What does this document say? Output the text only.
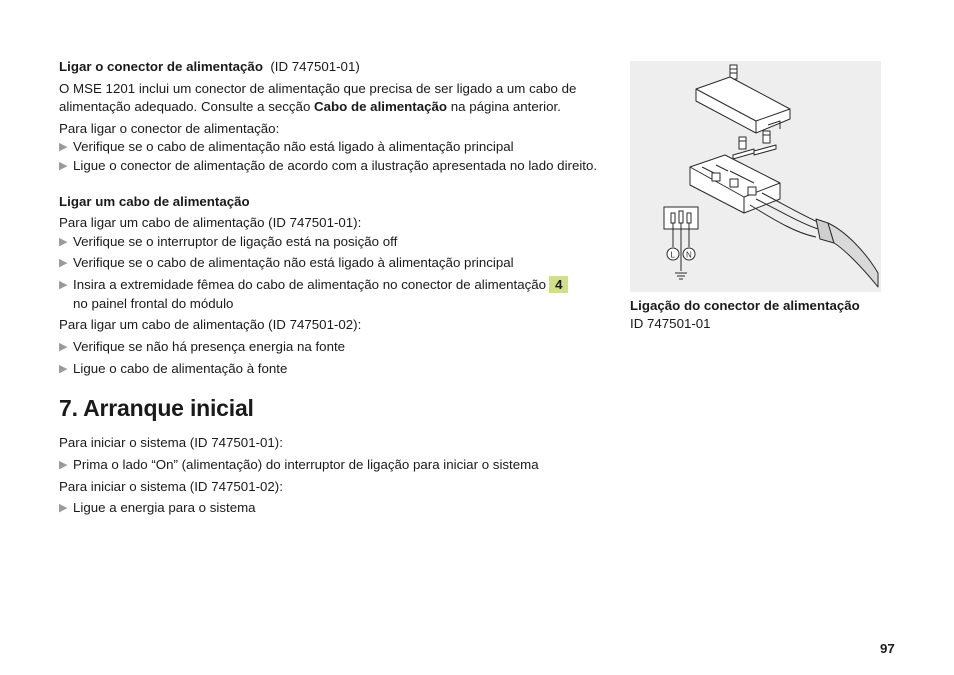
Ligar o conector de alimentação (ID 747501-01)

O MSE 1201 inclui um conector de alimentação que precisa de ser ligado a um cabo de alimentação adequado. Consulte a secção Cabo de alimentação na página anterior.

Para ligar o conector de alimentação:

▶ Verifique se o cabo de alimentação não está ligado à alimentação principal
▶ Ligue o conector de alimentação de acordo com a ilustração apresentada no lado direito.

Ligar um cabo de alimentação

Para ligar um cabo de alimentação (ID 747501-01):

▶ Verifique se o interruptor de ligação está na posição off
▶ Verifique se o cabo de alimentação não está ligado à alimentação principal
▶ Insira a extremidade fêmea do cabo de alimentação no conector de alimentação 4
no painel frontal do módulo

Para ligar um cabo de alimentação (ID 747501-02):

▶ Verifique se não há presença energia na fonte
▶ Ligue o cabo de alimentação à fonte
7. Arranque inicial

Para iniciar o sistema (ID 747501-01):

▶ Prima o lado “On” (alimentação) do interruptor de ligação para iniciar o sistema

Para iniciar o sistema (ID 747501-02):

▶ Ligue a energia para o sistema
L N
Ligação do conector de alimentação
ID 747501-01
97
